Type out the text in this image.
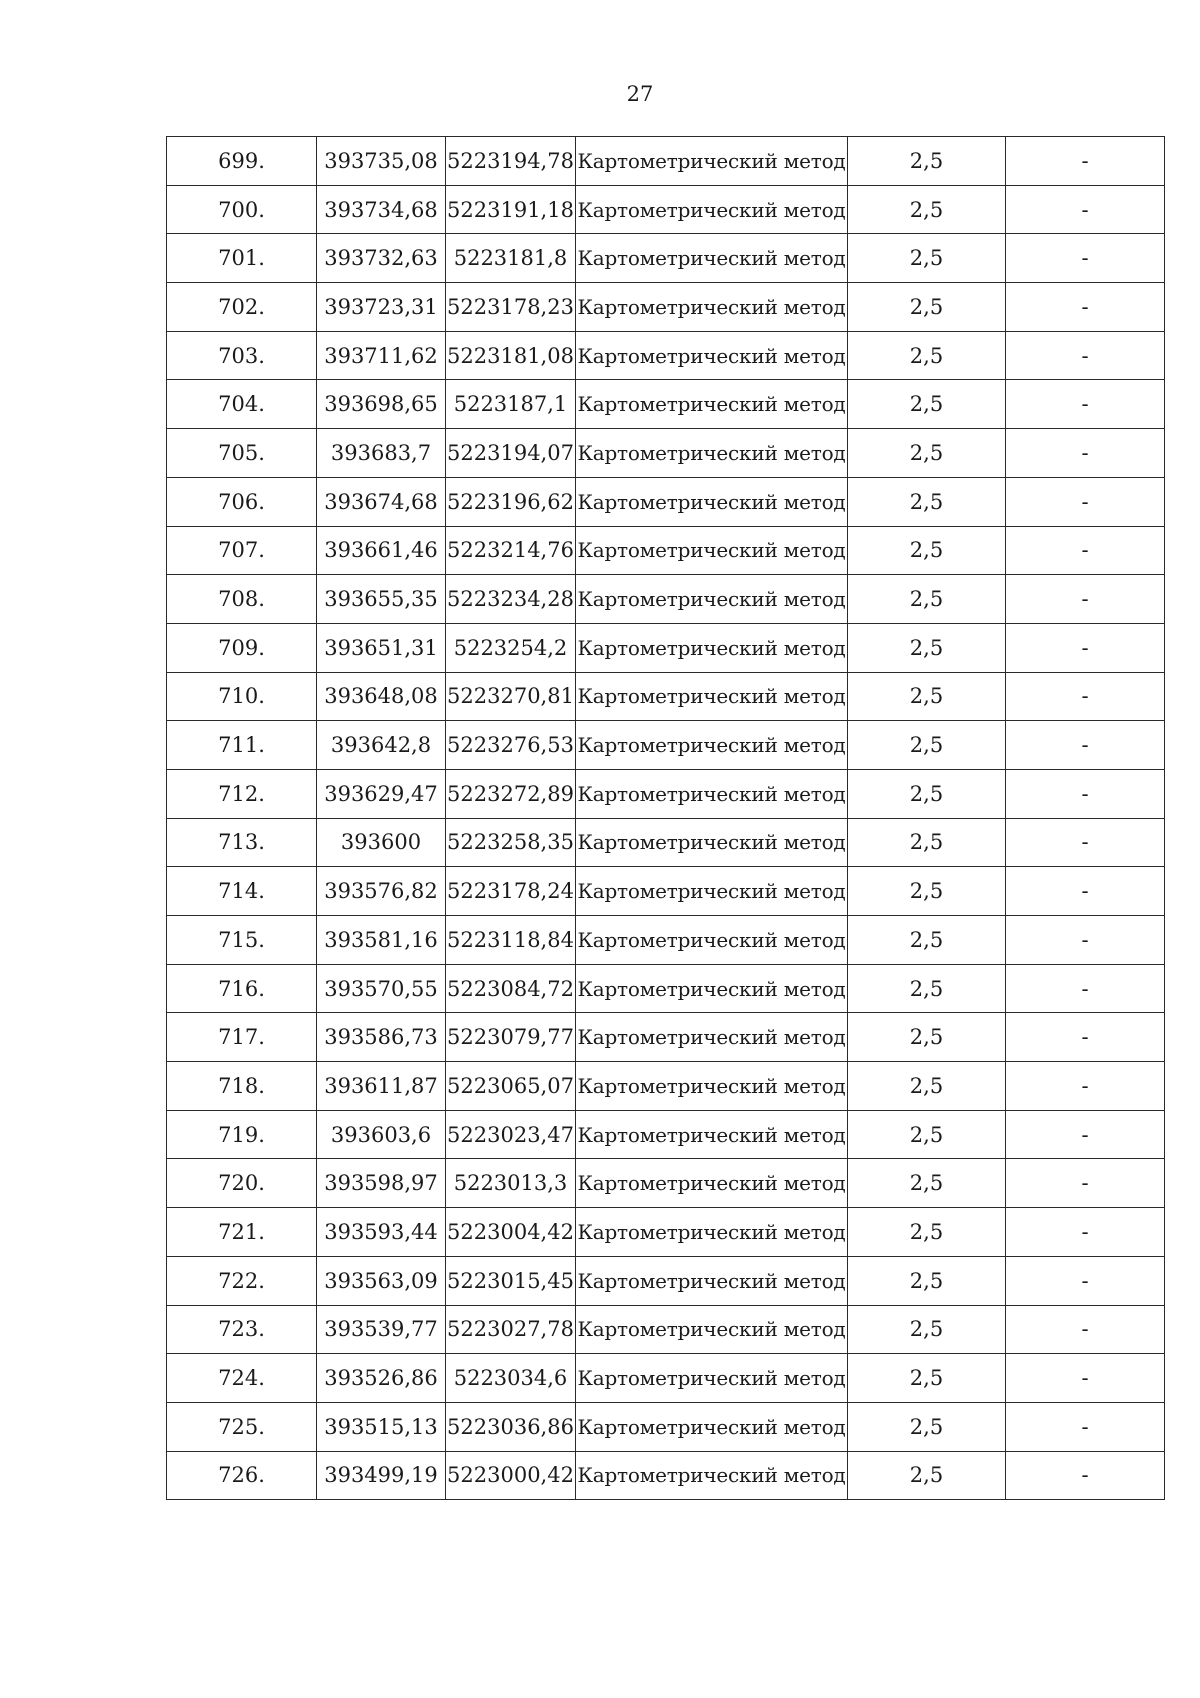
27
699.	393735,08	5223194,78	Картометрический метод	2,5	-
700.	393734,68	5223191,18	Картометрический метод	2,5	-
701.	393732,63	5223181,8	Картометрический метод	2,5	-
702.	393723,31	5223178,23	Картометрический метод	2,5	-
703.	393711,62	5223181,08	Картометрический метод	2,5	-
704.	393698,65	5223187,1	Картометрический метод	2,5	-
705.	393683,7	5223194,07	Картометрический метод	2,5	-
706.	393674,68	5223196,62	Картометрический метод	2,5	-
707.	393661,46	5223214,76	Картометрический метод	2,5	-
708.	393655,35	5223234,28	Картометрический метод	2,5	-
709.	393651,31	5223254,2	Картометрический метод	2,5	-
710.	393648,08	5223270,81	Картометрический метод	2,5	-
711.	393642,8	5223276,53	Картометрический метод	2,5	-
712.	393629,47	5223272,89	Картометрический метод	2,5	-
713.	393600	5223258,35	Картометрический метод	2,5	-
714.	393576,82	5223178,24	Картометрический метод	2,5	-
715.	393581,16	5223118,84	Картометрический метод	2,5	-
716.	393570,55	5223084,72	Картометрический метод	2,5	-
717.	393586,73	5223079,77	Картометрический метод	2,5	-
718.	393611,87	5223065,07	Картометрический метод	2,5	-
719.	393603,6	5223023,47	Картометрический метод	2,5	-
720.	393598,97	5223013,3	Картометрический метод	2,5	-
721.	393593,44	5223004,42	Картометрический метод	2,5	-
722.	393563,09	5223015,45	Картометрический метод	2,5	-
723.	393539,77	5223027,78	Картометрический метод	2,5	-
724.	393526,86	5223034,6	Картометрический метод	2,5	-
725.	393515,13	5223036,86	Картометрический метод	2,5	-
726.	393499,19	5223000,42	Картометрический метод	2,5	-
